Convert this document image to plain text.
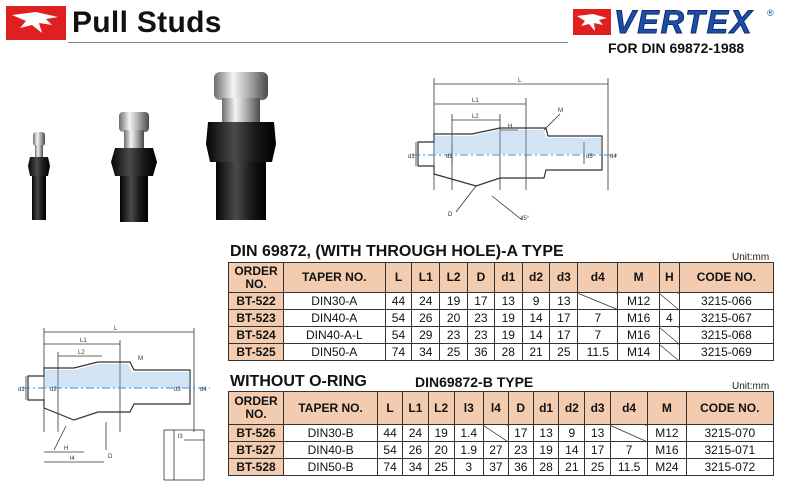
Pull Studs	VERTEX ®
FOR DIN 69872-1988
L
L1
L2
H
M
d1	d2	d3	d4
45°
D
DIN 69872, (WITH THROUGH HOLE)-A TYPE	Unit:mm
ORDER NO.	TAPER NO.	L	L1	L2	D	d1	d2	d3	d4	M	H	CODE NO.
BT-522	DIN30-A	44	24	19	17	13	9	13		M12		3215-066
BT-523	DIN40-A	54	26	20	23	19	14	17	7	M16	4	3215-067
BT-524	DIN40-A-L	54	29	23	23	19	14	17	7	M16		3215-068
BT-525	DIN50-A	74	34	25	36	28	21	25	11.5	M14		3215-069
L
L1
L2
l3
l4
H
M
d1	d2	d3	d4
D
WITHOUT O-RING	DIN69872-B TYPE	Unit:mm
ORDER NO.	TAPER NO.	L	L1	L2	l3	l4	D	d1	d2	d3	d4	M	CODE NO.
BT-526	DIN30-B	44	24	19	1.4		17	13	9	13		M12	3215-070
BT-527	DIN40-B	54	26	20	1.9	27	23	19	14	17	7	M16	3215-071
BT-528	DIN50-B	74	34	25	3	37	36	28	21	25	11.5	M24	3215-072
